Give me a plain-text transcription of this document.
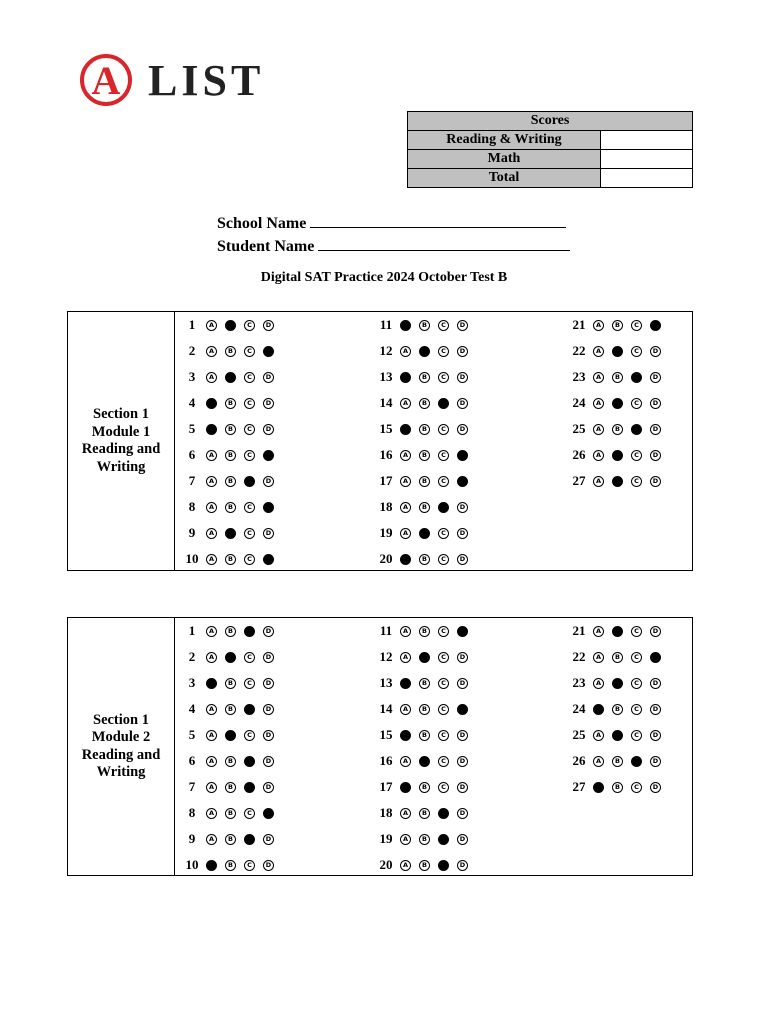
A LIST
Scores	
Reading & Writing	
Math	
Total	
School Name
Student Name
Digital SAT Practice 2024 October Test B
Section 1 Module 1 Reading and Writing
1	A	B	C	D
2	A	B	C	D
3	A	B	C	D
4	A	B	C	D
5	A	B	C	D
6	A	B	C	D
7	A	B	C	D
8	A	B	C	D
9	A	B	C	D
10	A	B	C	D
11	A	B	C	D
12	A	B	C	D
13	A	B	C	D
14	A	B	C	D
15	A	B	C	D
16	A	B	C	D
17	A	B	C	D
18	A	B	C	D
19	A	B	C	D
20	A	B	C	D
21	A	B	C	D
22	A	B	C	D
23	A	B	C	D
24	A	B	C	D
25	A	B	C	D
26	A	B	C	D
27	A	B	C	D
Section 1 Module 2 Reading and Writing
1	A	B	C	D
2	A	B	C	D
3	A	B	C	D
4	A	B	C	D
5	A	B	C	D
6	A	B	C	D
7	A	B	C	D
8	A	B	C	D
9	A	B	C	D
10	A	B	C	D
11	A	B	C	D
12	A	B	C	D
13	A	B	C	D
14	A	B	C	D
15	A	B	C	D
16	A	B	C	D
17	A	B	C	D
18	A	B	C	D
19	A	B	C	D
20	A	B	C	D
21	A	B	C	D
22	A	B	C	D
23	A	B	C	D
24	A	B	C	D
25	A	B	C	D
26	A	B	C	D
27	A	B	C	D
